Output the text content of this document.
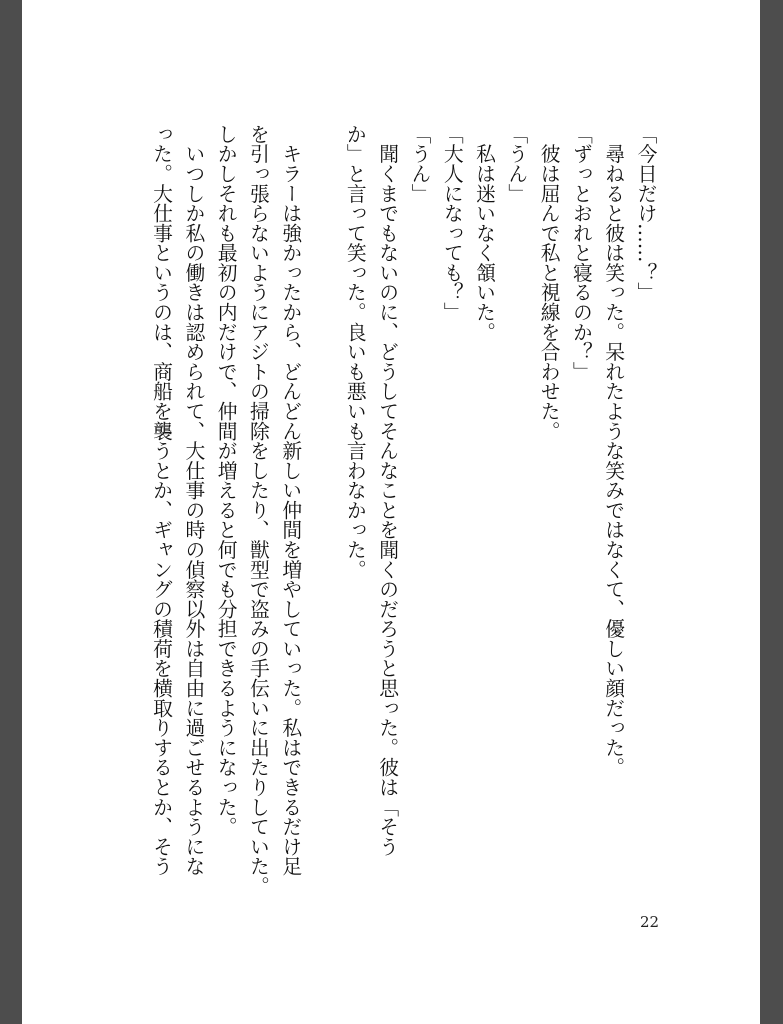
「今日だけ……？」
　尋ねると彼は笑った。呆れたような笑みではなくて、優しい顔だった。
「ずっとおれと寝るのか？」
　彼は屈んで私と視線を合わせた。
「うん」
　私は迷いなく頷いた。
「大人になっても？」
「うん」
　聞くまでもないのに、どうしてそんなことを聞くのだろうと思った。彼は「そう
か」と言って笑った。良いも悪いも言わなかった。
　キラーは強かったから、どんどん新しい仲間を増やしていった。私はできるだけ足
を引っ張らないようにアジトの掃除をしたり、獣型で盗みの手伝いに出たりしていた。
しかしそれも最初の内だけで、仲間が増えると何でも分担できるようになった。
　いつしか私の働きは認められて、大仕事の時の偵察以外は自由に過ごせるようにな
った。大仕事というのは、商船を襲うとか、ギャングの積荷を横取りするとか、そう
22
